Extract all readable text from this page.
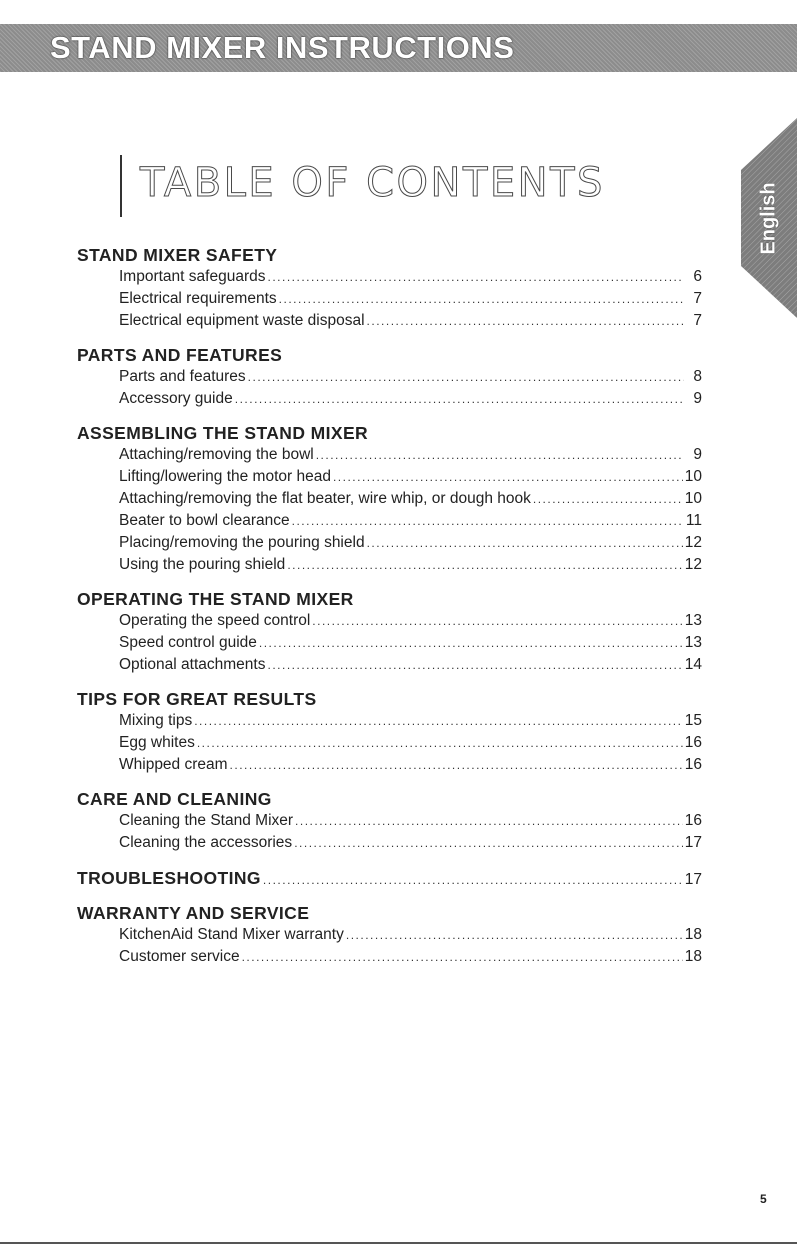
STAND MIXER INSTRUCTIONS
English
TABLE OF CONTENTS
STAND MIXER SAFETY
Important safeguards .....	6
Electrical requirements .....	7
Electrical equipment waste disposal .....	7
PARTS AND FEATURES
Parts and features .....	8
Accessory guide .....	9
ASSEMBLING THE STAND MIXER
Attaching/removing the bowl .....	9
Lifting/lowering the motor head .....	10
Attaching/removing the flat beater, wire whip, or dough hook .....	10
Beater to bowl clearance .....	11
Placing/removing the pouring shield .....	12
Using the pouring shield .....	12
OPERATING THE STAND MIXER
Operating the speed control .....	13
Speed control guide .....	13
Optional attachments .....	14
TIPS FOR GREAT RESULTS
Mixing tips .....	15
Egg whites .....	16
Whipped cream .....	16
CARE AND CLEANING
Cleaning the Stand Mixer .....	16
Cleaning the accessories .....	17
TROUBLESHOOTING .....	17
WARRANTY AND SERVICE
KitchenAid Stand Mixer warranty .....	18
Customer service .....	18
5
